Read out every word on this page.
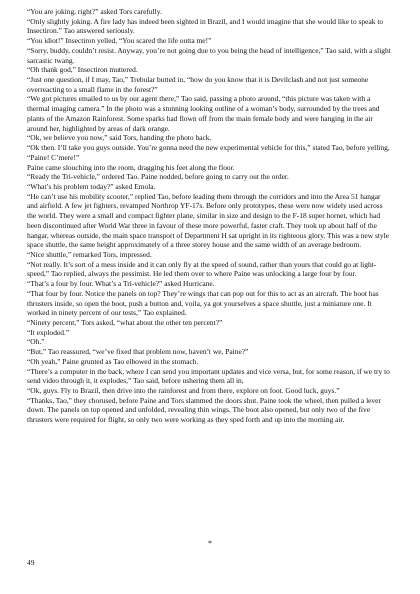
“You are joking, right?” asked Tors carefully.

“Only slightly joking. A fire lady has indeed been sighted in Brazil, and I would imagine that she would like to speak to Insectiron.” Tao answered seriously.

“You idiot!” Insectiron yelled, “You scared the life outta me!”

“Sorry, buddy, couldn’t resist. Anyway, you’re not going due to you being the head of intelligence,” Tao said, with a slight sarcastic twang.

“Oh thank god,” Insectiron muttered.

“Just one question, if I may, Tao,” Trebular butted in, “how do you know that it is Devilclash and not just someone overreacting to a small flame in the forest?”

“We got pictures emailed to us by our agent there,” Tao said, passing a photo around, “this picture was taken with a thermal imaging camera.” In the photo was a stunning looking outline of a woman’s body, surrounded by the trees and plants of the Amazon Rainforest. Some sparks had flown off from the main female body and were hanging in the air around her, highlighted by areas of dark orange.

“Ok, we believe you now,” said Tors, handing the photo back.

“Ok then. I’ll take you guys outside. You’re gonna need the new experimental vehicle for this,” stated Tao, before yelling, “Paine! C’mere!”

Paine came slouching into the room, dragging his feet along the floor.

“Ready the Tri-vehicle,” ordered Tao. Paine nodded, before going to carry out the order.

“What’s his problem today?” asked Emola.

“He can’t use his mobility scooter,” replied Tao, before leading them through the corridors and into the Area 51 hangar and airfield. A few jet fighters, revamped Northrop YF-17s. Before only prototypes, these were now widely used across the world. They were a small and compact fighter plane, similar in size and design to the F-18 super hornet, which had been discontinued after World War three in favour of these more powerful, faster craft. They took up about half of the hangar, whereas outside, the main space transport of Department H sat upright in its righteous glory. This was a new style space shuttle, the same height approximately of a three storey house and the same width of an average bedroom.

“Nice shuttle,” remarked Tors, impressed.

“Not really. It’s sort of a mess inside and it can only fly at the speed of sound, rather than yours that could go at light-speed,” Tao replied, always the pessimist. He led them over to where Paine was unlocking a large four by four.

“That’s a four by four. What’s a Tri-vehicle?” asked Hurricane.

“That four by four. Notice the panels on top? They’re wings that can pop out for this to act as an aircraft. The boot has thrusters inside, so open the boot, push a button and, voila, ya got yourselves a space shuttle, just a miniature one. It worked in ninety percent of our tests,” Tao explained.

“Ninety percent,” Tors asked, “what about the other ten percent?”

“It exploded.”

“Oh.”

“But,” Tao reassured, “we’ve fixed that problem now, haven’t we, Paine?”

“Oh yeah,” Paine grunted as Tao elbowed in the stomach.

“There’s a computer in the back, where I can send you important updates and vice versa, but, for some reason, if we try to send video through it, it explodes,” Tao said, before ushering them all in,

“Ok, guys. Fly to Brazil, then drive into the rainforest and from there, explore on foot. Good luck, guys.”

“Thanks, Tao,” they chorused, before Paine and Tors slammed the doors shut. Paine took the wheel, then pulled a lever down. The panels on top opened and unfolded, revealing thin wings. The boot also opened, but only two of the five thrusters were required for flight, so only two were working as they sped forth and up into the morning air.

*
49
